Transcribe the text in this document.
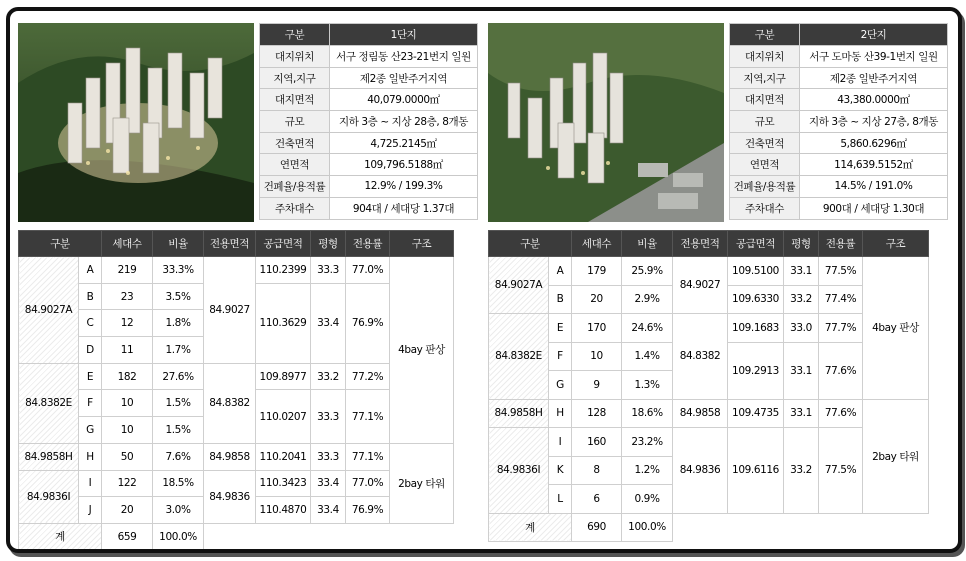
구분	1단지
대지위치	서구 정림동 산23-21번지 일원
지역,지구	제2종 일반주거지역
대지면적	40,079.0000㎡
규모	지하 3층 ~ 지상 28층, 8개동
건축면적	4,725.2145㎡
연면적	109,796.5188㎡
건폐율/용적률	12.9% / 199.3%
주차대수	904대 / 세대당 1.37대
구분		세대수	비율	전용면적	공급면적	평형	전용률	구조
84.9027A	A	219	33.3%	84.9027	110.2399	33.3	77.0%	4bay 판상
	B	23	3.5%		110.3629	33.4	76.9%	
	C	12	1.8%					
	D	11	1.7%					
84.8382E	E	182	27.6%	84.8382	109.8977	33.2	77.2%	
	F	10	1.5%		110.0207	33.3	77.1%	
	G	10	1.5%					
84.9858H	H	50	7.6%	84.9858	110.2041	33.3	77.1%	2bay 타워
84.9836I	I	122	18.5%	84.9836	110.3423	33.4	77.0%	
	J	20	3.0%		110.4870	33.4	76.9%	
계		659	100.0%					
구분	2단지
대지위치	서구 도마동 산39-1번지 일원
지역,지구	제2종 일반주거지역
대지면적	43,380.0000㎡
규모	지하 3층 ~ 지상 27층, 8개동
건축면적	5,860.6296㎡
연면적	114,639.5152㎡
건폐율/용적률	14.5% / 191.0%
주차대수	900대 / 세대당 1.30대
구분		세대수	비율	전용면적	공급면적	평형	전용률	구조
84.9027A	A	179	25.9%	84.9027	109.5100	33.1	77.5%	4bay 판상
	B	20	2.9%		109.6330	33.2	77.4%	
84.8382E	E	170	24.6%	84.8382	109.1683	33.0	77.7%	
	F	10	1.4%		109.2913	33.1	77.6%	
	G	9	1.3%					
84.9858H	H	128	18.6%	84.9858	109.4735	33.1	77.6%	2bay 타워
84.9836I	I	160	23.2%	84.9836	109.6116	33.2	77.5%	
	K	8	1.2%					
	L	6	0.9%					
계		690	100.0%					
